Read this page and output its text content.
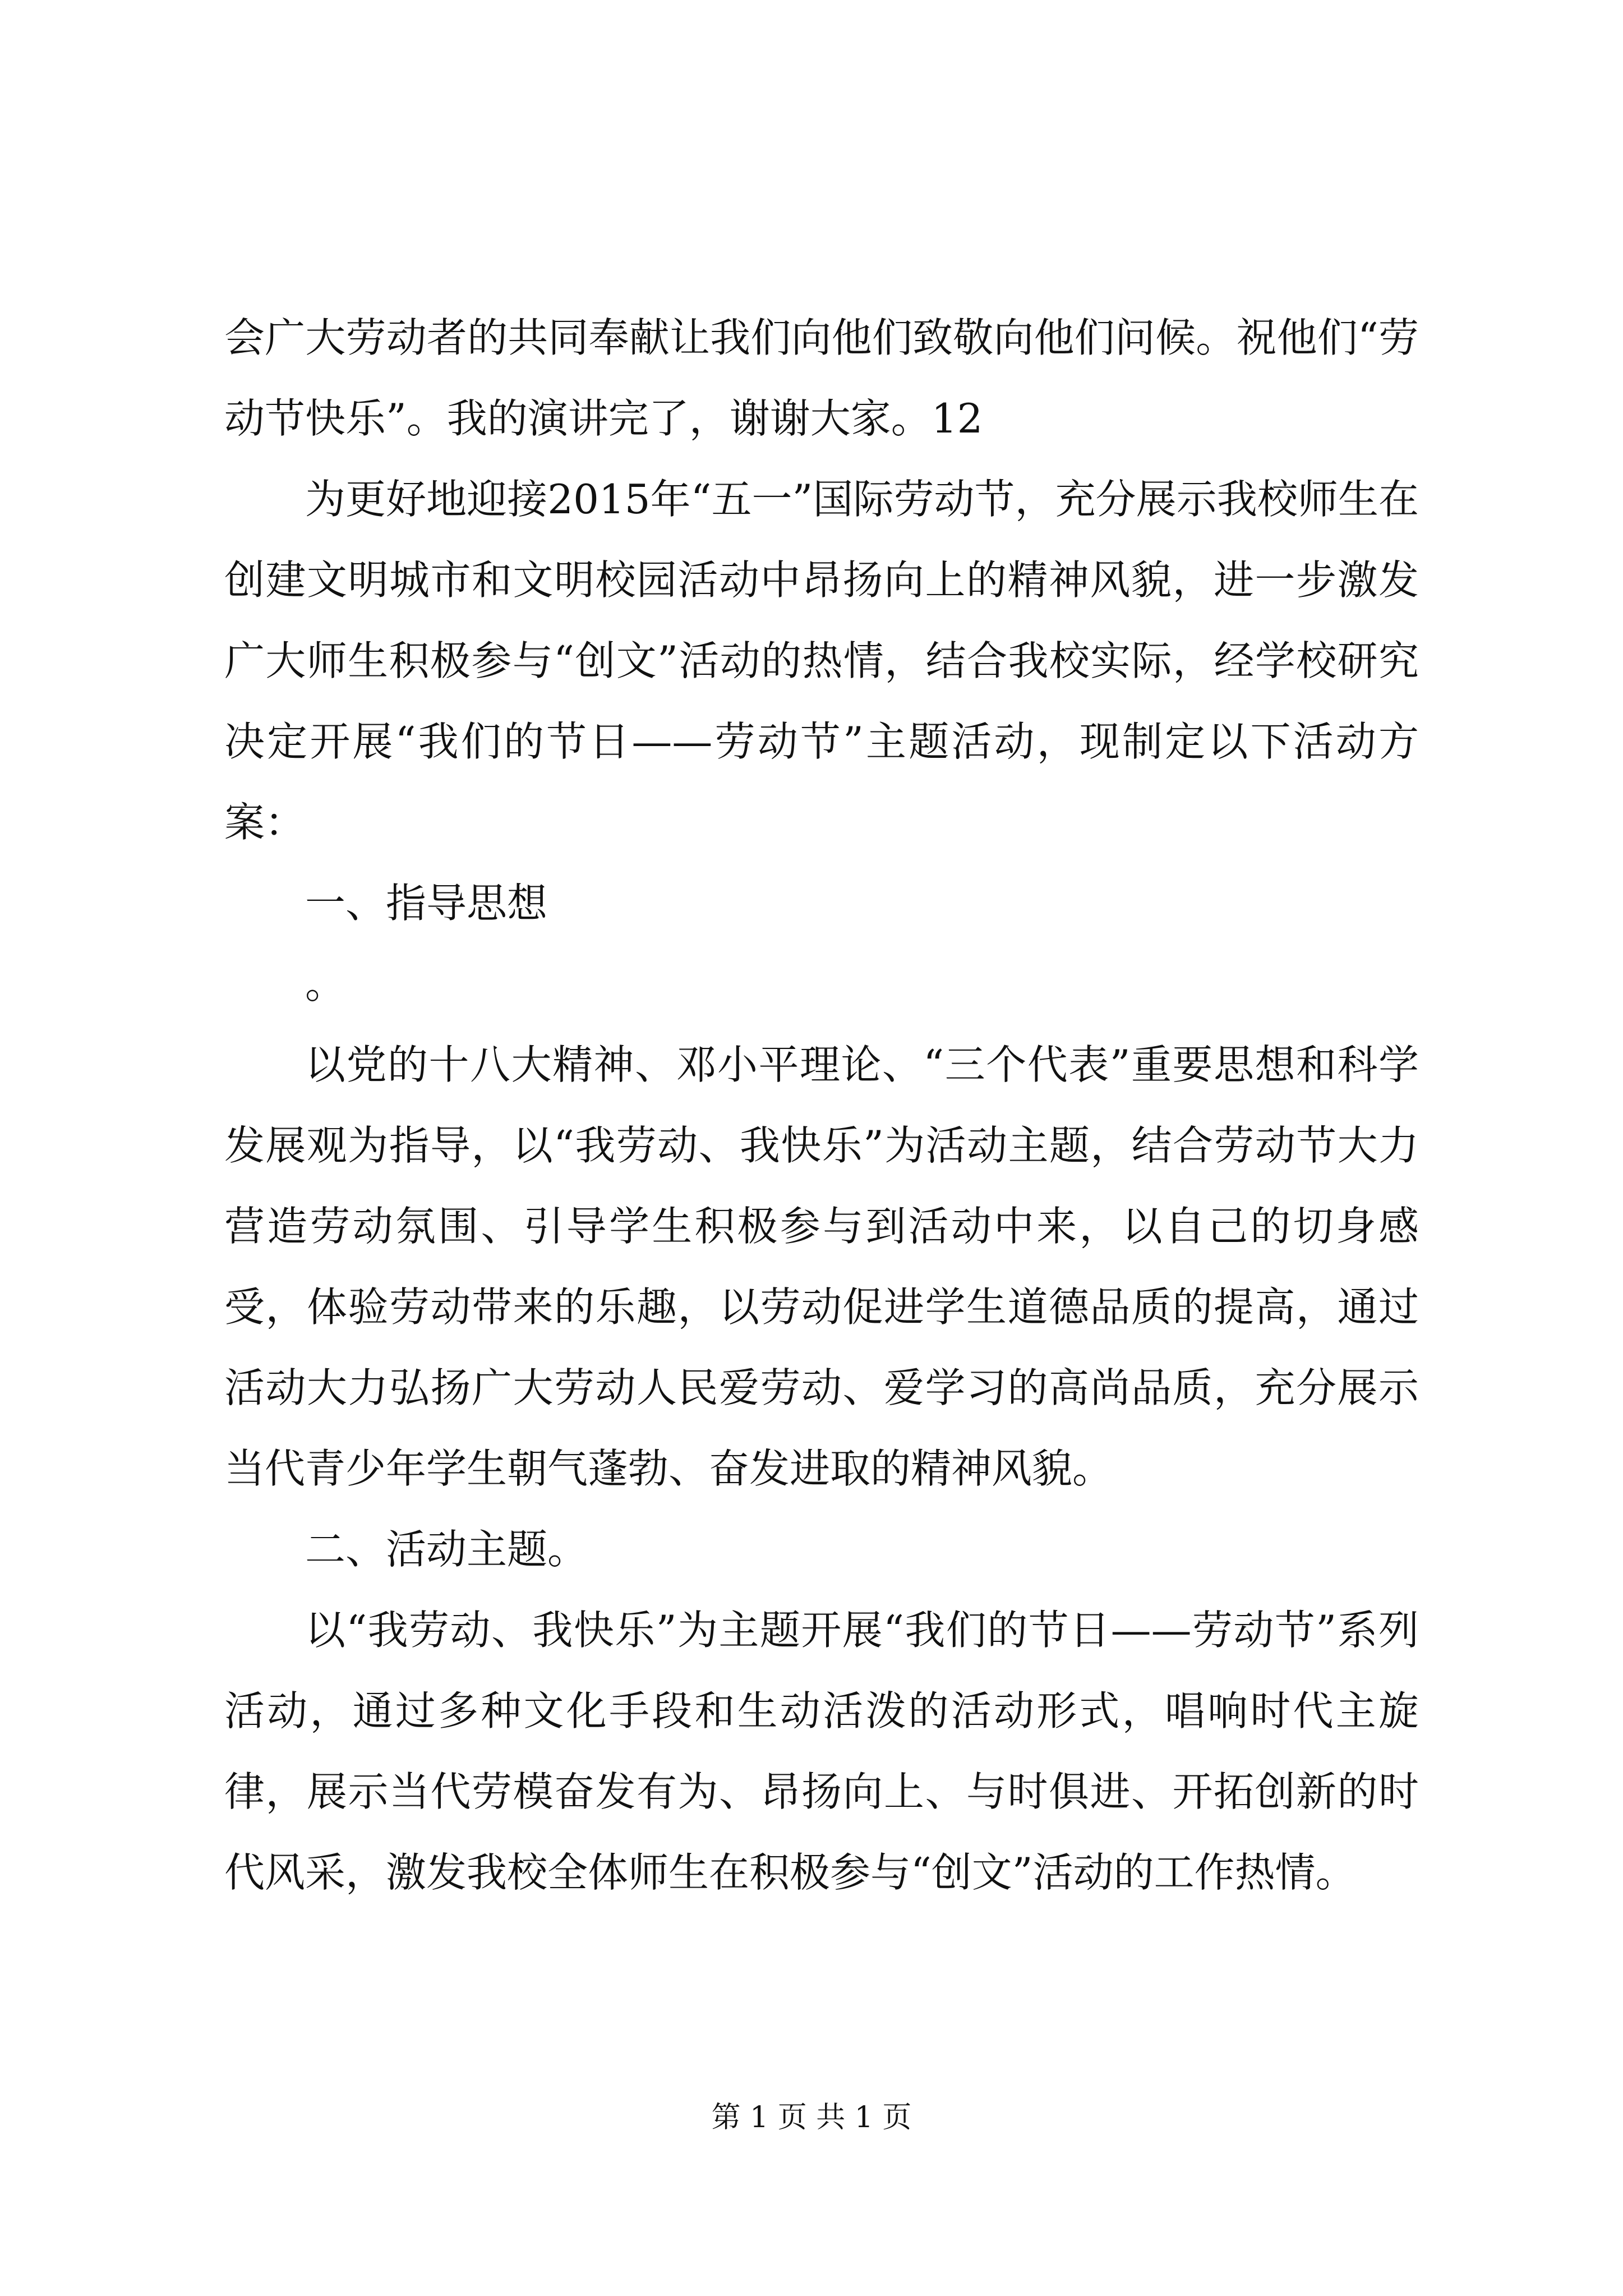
会广大劳动者的共同奉献让我们向他们致敬向他们问候。祝他们“劳动节快乐”。我的演讲完了，谢谢大家。12

为更好地迎接2015年“五一”国际劳动节，充分展示我校师生在创建文明城市和文明校园活动中昂扬向上的精神风貌，进一步激发广大师生积极参与“创文”活动的热情，结合我校实际，经学校研究决定开展“我们的节日——劳动节”主题活动，现制定以下活动方案：

一、指导思想

。

以党的十八大精神、邓小平理论、“三个代表”重要思想和科学发展观为指导，以“我劳动、我快乐”为活动主题，结合劳动节大力营造劳动氛围、引导学生积极参与到活动中来，以自己的切身感受，体验劳动带来的乐趣，以劳动促进学生道德品质的提高，通过活动大力弘扬广大劳动人民爱劳动、爱学习的高尚品质，充分展示当代青少年学生朝气蓬勃、奋发进取的精神风貌。

二、活动主题。

以“我劳动、我快乐”为主题开展“我们的节日——劳动节”系列活动，通过多种文化手段和生动活泼的活动形式，唱响时代主旋律，展示当代劳模奋发有为、昂扬向上、与时俱进、开拓创新的时代风采，激发我校全体师生在积极参与“创文”活动的工作热情。

第 1 页 共 1 页
